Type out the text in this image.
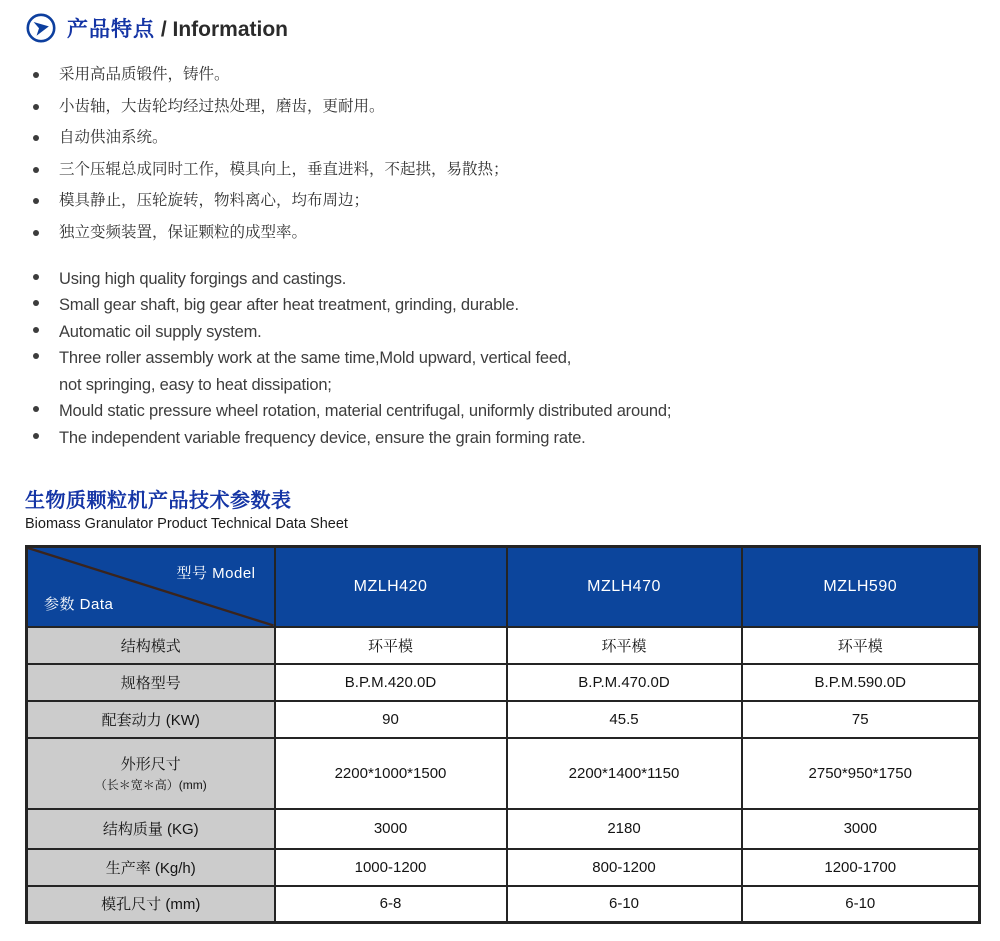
产品特点 / Information
采用高品质锻件，铸件。
小齿轴，大齿轮均经过热处理，磨齿，更耐用。
自动供油系统。
三个压辊总成同时工作，模具向上，垂直进料，不起拱，易散热；
模具静止，压轮旋转，物料离心，均布周边；
独立变频装置，保证颗粒的成型率。
Using high quality forgings and castings.
Small gear shaft, big gear after heat treatment, grinding, durable.
Automatic oil supply system.
Three roller assembly work at the same time,Mold upward, vertical feed,
not springing, easy to heat dissipation;
Mould static pressure wheel rotation, material centrifugal, uniformly distributed around;
The independent variable frequency device, ensure the grain forming rate.
生物质颗粒机产品技术参数表
Biomass Granulator Product Technical Data Sheet
型号 Model
参数 Data	MZLH420	MZLH470	MZLH590
结构模式	环平模	环平模	环平模
规格型号	B.P.M.420.0D	B.P.M.470.0D	B.P.M.590.0D
配套动力 (KW)	90	45.5	75

外形尺寸
（长＊宽＊高）(mm)	2200*1000*1500	2200*1400*1150	2750*950*1750
结构质量 (KG)	3000	2180	3000
生产率 (Kg/h)	1000-1200	800-1200	1200-1700
模孔尺寸 (mm)	6-8	6-10	6-10
